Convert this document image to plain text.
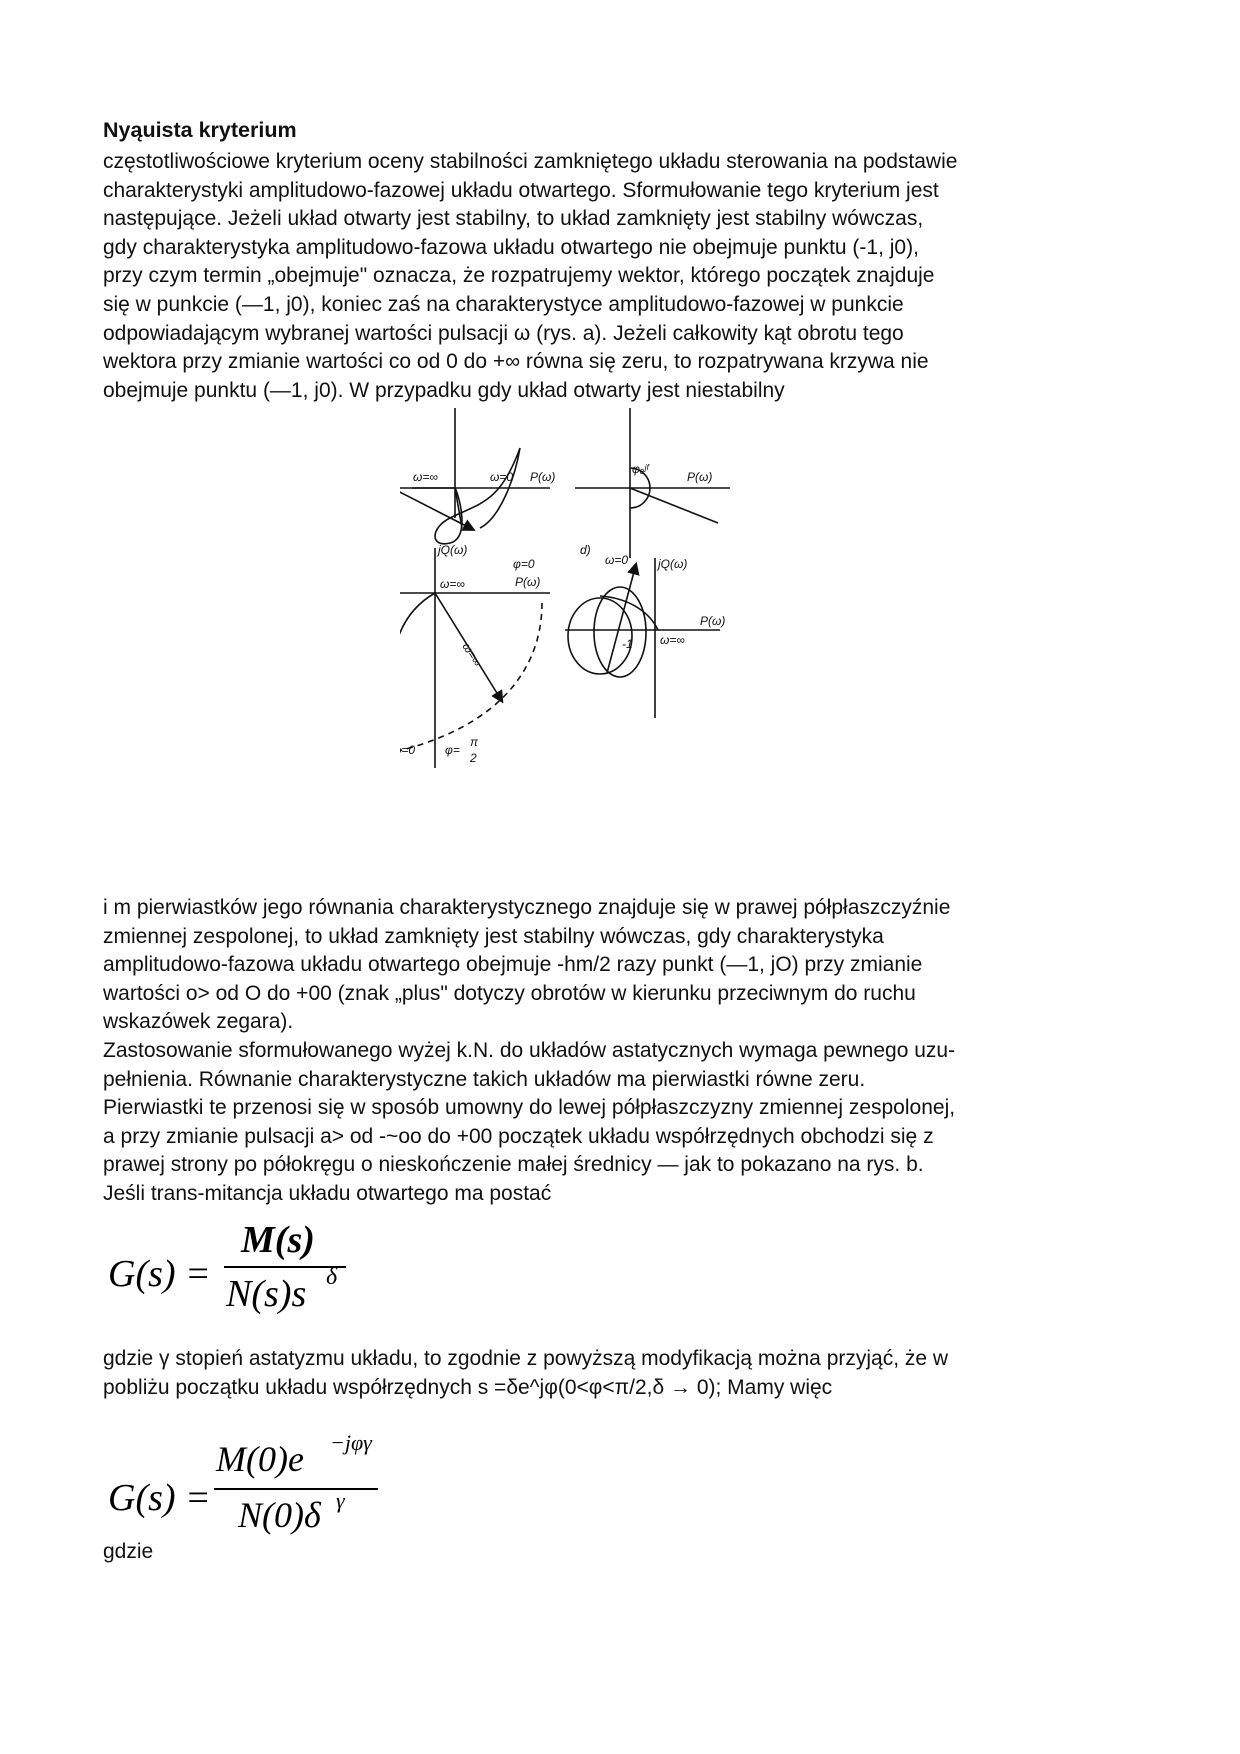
Nyąuista kryterium
częstotliwościowe kryterium oceny stabilności zamkniętego układu sterowania na podstawie
charakterystyki amplitudowo-fazowej układu otwartego. Sformułowanie tego kryterium jest
następujące. Jeżeli układ otwarty jest stabilny, to układ zamknięty jest stabilny wówczas,
gdy charakterystyka amplitudowo-fazowa układu otwartego nie obejmuje punktu (-1, j0),
przy czym termin „obejmuje" oznacza, że rozpatrujemy wektor, którego początek znajduje
się w punkcie (—1, j0), koniec zaś na charakterystyce amplitudowo-fazowej w punkcie
odpowiadającym wybranej wartości pulsacji ω (rys. a). Jeżeli całkowity kąt obrotu tego
wektora przy zmianie wartości co od 0 do +∞ równa się zeru, to rozpatrywana krzywa nie
obejmuje punktu (—1, j0). W przypadku gdy układ otwarty jest niestabilny
ω=∞	ω=0 P(ω)
φₑʲᶠ
P(ω)
jQ(ω)
ω=∞
φ=0
P(ω)
ω=∞
=0 φ=
π
2
d)
ω=0 jQ(ω)
P(ω)
ω=∞
-1
i m pierwiastków jego równania charakterystycznego znajduje się w prawej półpłaszczyźnie
zmiennej zespolonej, to układ zamknięty jest stabilny wówczas, gdy charakterystyka
amplitudowo-fazowa układu otwartego obejmuje -hm/2 razy punkt (—1, jO) przy zmianie
wartości o> od O do +00 (znak „plus" dotyczy obrotów w kierunku przeciwnym do ruchu
wskazówek zegara).
Zastosowanie sformułowanego wyżej k.N. do układów astatycznych wymaga pewnego uzu-
pełnienia. Równanie charakterystyczne takich układów ma pierwiastki równe zeru.
Pierwiastki te przenosi się w sposób umowny do lewej półpłaszczyzny zmiennej zespolonej,
a przy zmianie pulsacji a> od -~oo do +00 początek układu współrzędnych obchodzi się z
prawej strony po półokręgu o nieskończenie małej średnicy — jak to pokazano na rys. b.
Jeśli trans-mitancja układu otwartego ma postać
G(s) =
M(s)
N(s)s δ
gdzie γ stopień astatyzmu układu, to zgodnie z powyższą modyfikacją można przyjąć, że w
pobliżu początku układu współrzędnych s =δe^jφ(0<φ<π/2,δ → 0); Mamy więc
G(s) =
M(0)e −jφγ
N(0)δ γ
gdzie
